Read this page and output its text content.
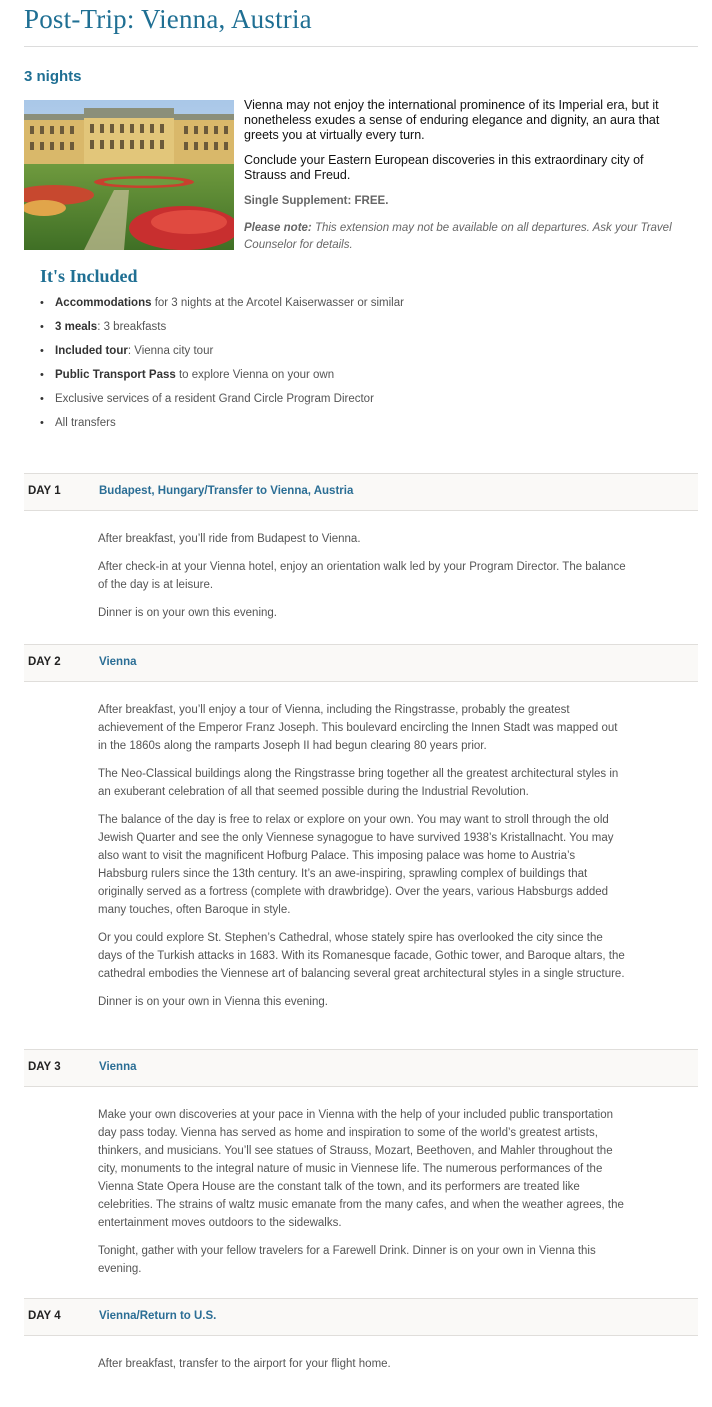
Post-Trip: Vienna, Austria
3 nights

Vienna may not enjoy the international prominence of its Imperial era, but it nonetheless exudes a sense of enduring elegance and dignity, an aura that greets you at virtually every turn.

Conclude your Eastern European discoveries in this extraordinary city of Strauss and Freud.

Single Supplement: FREE.
Please note: This extension may not be available on all departures. Ask your Travel Counselor for details.
It's Included
• Accommodations for 3 nights at the Arcotel Kaiserwasser or similar
• 3 meals: 3 breakfasts
• Included tour: Vienna city tour
• Public Transport Pass to explore Vienna on your own
• Exclusive services of a resident Grand Circle Program Director
• All transfers
DAY 1	Budapest, Hungary/Transfer to Vienna, Austria

After breakfast, you’ll ride from Budapest to Vienna.

After check-in at your Vienna hotel, enjoy an orientation walk led by your Program Director. The balance of the day is at leisure.

Dinner is on your own this evening.

DAY 2	Vienna

After breakfast, you’ll enjoy a tour of Vienna, including the Ringstrasse, probably the greatest achievement of the Emperor Franz Joseph. This boulevard encircling the Innen Stadt was mapped out in the 1860s along the ramparts Joseph II had begun clearing 80 years prior.

The Neo-Classical buildings along the Ringstrasse bring together all the greatest architectural styles in an exuberant celebration of all that seemed possible during the Industrial Revolution.

The balance of the day is free to relax or explore on your own. You may want to stroll through the old Jewish Quarter and see the only Viennese synagogue to have survived 1938’s Kristallnacht. You may also want to visit the magnificent Hofburg Palace. This imposing palace was home to Austria’s Habsburg rulers since the 13th century. It’s an awe-inspiring, sprawling complex of buildings that originally served as a fortress (complete with drawbridge). Over the years, various Habsburgs added many touches, often Baroque in style.

Or you could explore St. Stephen’s Cathedral, whose stately spire has overlooked the city since the days of the Turkish attacks in 1683. With its Romanesque facade, Gothic tower, and Baroque altars, the cathedral embodies the Viennese art of balancing several great architectural styles in a single structure.

Dinner is on your own in Vienna this evening.

DAY 3	Vienna

Make your own discoveries at your pace in Vienna with the help of your included public transportation day pass today. Vienna has served as home and inspiration to some of the world’s greatest artists, thinkers, and musicians. You’ll see statues of Strauss, Mozart, Beethoven, and Mahler throughout the city, monuments to the integral nature of music in Viennese life. The numerous performances of the Vienna State Opera House are the constant talk of the town, and its performers are treated like celebrities. The strains of waltz music emanate from the many cafes, and when the weather agrees, the entertainment moves outdoors to the sidewalks.

Tonight, gather with your fellow travelers for a Farewell Drink. Dinner is on your own in Vienna this evening.

DAY 4	Vienna/Return to U.S.

After breakfast, transfer to the airport for your flight home.
